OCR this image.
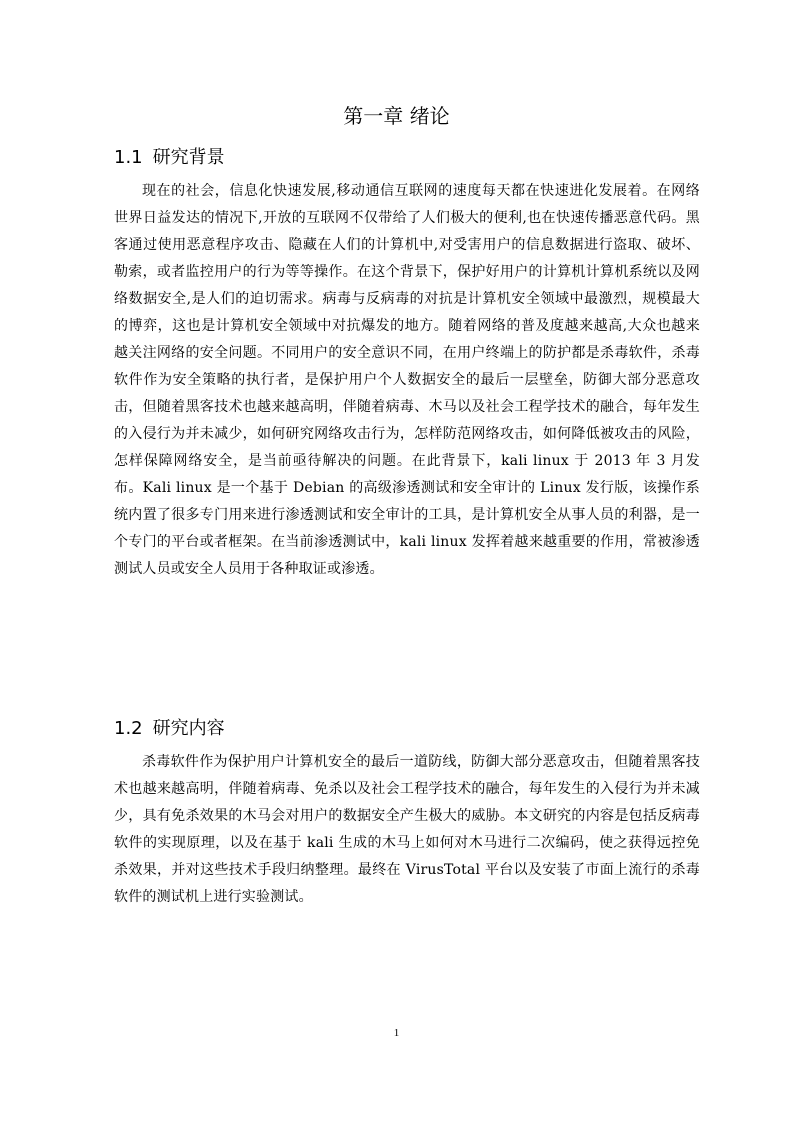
第一章 绪论
1.1 研究背景

现在的社会，信息化快速发展,移动通信互联网的速度每天都在快速进化发展着。在网络世界日益发达的情况下,开放的互联网不仅带给了人们极大的便利,也在快速传播恶意代码。黑客通过使用恶意程序攻击、隐藏在人们的计算机中,对受害用户的信息数据进行盗取、破坏、勒索，或者监控用户的行为等等操作。在这个背景下，保护好用户的计算机计算机系统以及网络数据安全,是人们的迫切需求。病毒与反病毒的对抗是计算机安全领域中最激烈，规模最大的博弈，这也是计算机安全领域中对抗爆发的地方。随着网络的普及度越来越高,大众也越来越关注网络的安全问题。不同用户的安全意识不同，在用户终端上的防护都是杀毒软件，杀毒软件作为安全策略的执行者，是保护用户个人数据安全的最后一层壁垒，防御大部分恶意攻击，但随着黑客技术也越来越高明，伴随着病毒、木马以及社会工程学技术的融合，每年发生的入侵行为并未减少，如何研究网络攻击行为，怎样防范网络攻击，如何降低被攻击的风险，怎样保障网络安全，是当前亟待解决的问题。在此背景下，kali linux 于 2013 年 3 月发布。Kali linux 是一个基于 Debian 的高级渗透测试和安全审计的 Linux 发行版，该操作系统内置了很多专门用来进行渗透测试和安全审计的工具，是计算机安全从事人员的利器，是一个专门的平台或者框架。在当前渗透测试中，kali linux 发挥着越来越重要的作用，常被渗透测试人员或安全人员用于各种取证或渗透。

1.2 研究内容

杀毒软件作为保护用户计算机安全的最后一道防线，防御大部分恶意攻击，但随着黑客技术也越来越高明，伴随着病毒、免杀以及社会工程学技术的融合，每年发生的入侵行为并未减少，具有免杀效果的木马会对用户的数据安全产生极大的威胁。本文研究的内容是包括反病毒软件的实现原理，以及在基于 kali 生成的木马上如何对木马进行二次编码，使之获得远控免杀效果，并对这些技术手段归纳整理。最终在 VirusTotal 平台以及安装了市面上流行的杀毒软件的测试机上进行实验测试。

1
